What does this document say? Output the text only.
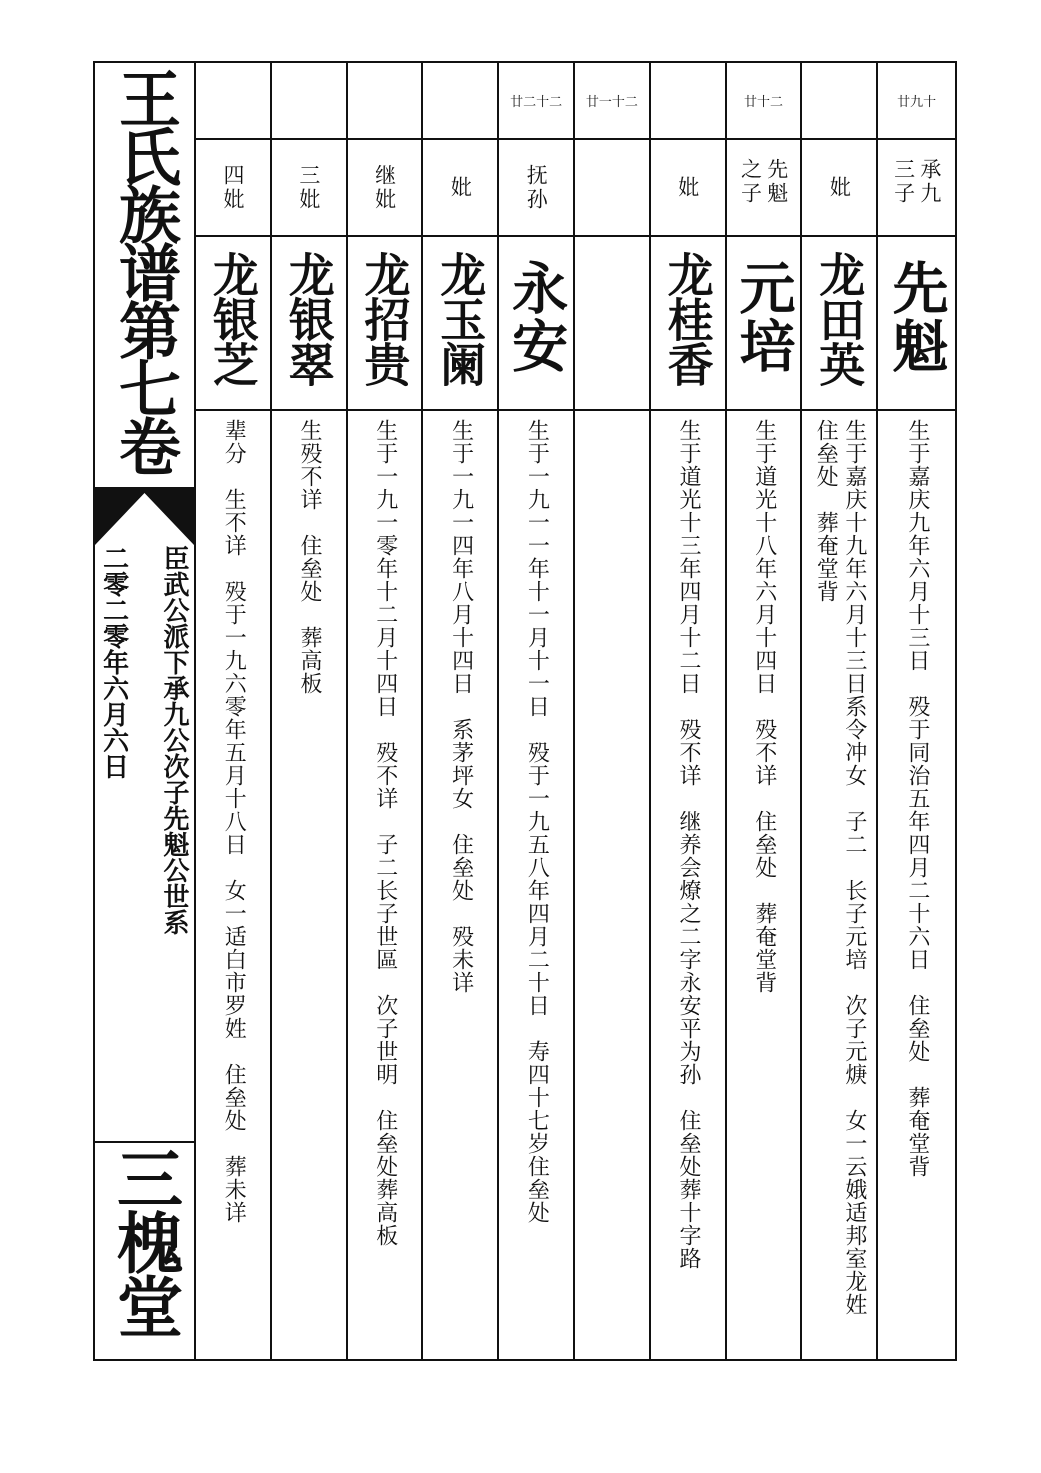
王氏族谱第七卷
臣武公派下承九公次子先魁公世系
二零二零年六月六日
三槐堂
四妣
龙银芝
辈分　生不详　殁于一九六零年五月十八日　女一适白市罗姓　住垒处　葬未详
三妣
龙银翠
生殁不详　住垒处　葬高板
继妣
龙招贵
生于一九一零年十二月十四日　殁不详　子二长子世區　次子世明　住垒处葬高板
妣
龙玉阑
生于一九一四年八月十四日　系茅坪女　住垒处　殁未详
廿二十二
抚孙
永安
生于一九一一年十一月十一日　殁于一九五八年四月二十日　寿四十七岁住垒处
廿一十二
妣
龙桂香
生于道光十三年四月十二日　殁不详　继养会燎之二字永安平为孙　住垒处葬十字路
廿十二
先魁之子
元培
生于道光十八年六月十四日　殁不详　住垒处　葬奄堂背
妣
龙田英
生于嘉庆十九年六月十三日系令冲女　子二　长子元培　次子元焿　女一云娥适邦室龙姓　住垒处　葬奄堂背
廿九十
承九三子
先魁
生于嘉庆九年六月十三日　殁于同治五年四月二十六日　住垒处　葬奄堂背
